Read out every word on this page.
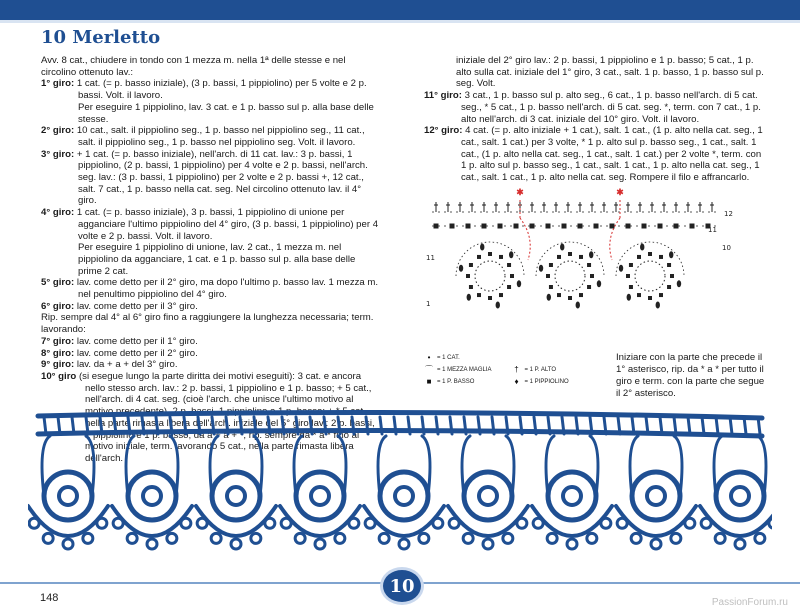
10 Merletto

Avv. 8 cat., chiudere in tondo con 1 mezza m. nella 1ª delle stesse e nel circolino ottenuto lav.:

1° giro: 1 cat. (= p. basso iniziale), (3 p. bassi, 1 pippiolino) per 5 volte e 2 p. bassi. Volt. il lavoro.

Per eseguire 1 pippiolino, lav. 3 cat. e 1 p. basso sul p. alla base delle stesse.

2° giro: 10 cat., salt. il pippiolino seg., 1 p. basso nel pippiolino seg., 11 cat., salt. il pippiolino seg., 1 p. basso nel pippiolino seg. Volt. il lavoro.

3° giro: + 1 cat. (= p. basso iniziale), nell'arch. di 11 cat. lav.: 3 p. bassi, 1 pippiolino, (2 p. bassi, 1 pippiolino) per 4 volte e 2 p. bassi, nell'arch. seg. lav.: (3 p. bassi, 1 pippiolino) per 2 volte e 2 p. bassi +, 12 cat., salt. 7 cat., 1 p. basso nella cat. seg. Nel circolino ottenuto lav. il 4° giro.

4° giro: 1 cat. (= p. basso iniziale), 3 p. bassi, 1 pippiolino di unione per agganciare l'ultimo pippiolino del 4° giro, (3 p. bassi, 1 pippiolino) per 4 volte e 2 p. bassi. Volt. il lavoro.

Per eseguire 1 pippiolino di unione, lav. 2 cat., 1 mezza m. nel pippiolino da agganciare, 1 cat. e 1 p. basso sul p. alla base delle prime 2 cat.

5° giro: lav. come detto per il 2° giro, ma dopo l'ultimo p. basso lav. 1 mezza m. nel penultimo pippiolino del 4° giro.

6° giro: lav. come detto per il 3° giro.

Rip. sempre dal 4° al 6° giro fino a raggiungere la lunghezza necessaria; term. lavorando:

7° giro: lav. come detto per il 1° giro.

8° giro: lav. come detto per il 2° giro.

9° giro: lav. da + a + del 3° giro.

10° giro (si esegue lungo la parte diritta dei motivi eseguiti): 3 cat. e ancora nello stesso arch. lav.: 2 p. bassi, 1 pippiolino e 1 p. basso; + 5 cat., nell'arch. di 4 cat. seg. (cioè l'arch. che unisce l'ultimo motivo al motivo precedente), 2 p. bassi, 1 pippiolino e 1 p. basso; + * 5 cat., nella parte rimasta libera dell'arch. iniziale del 5° giro lav.: 2 p. bassi, 1 pippiolino e 1 p. basso; da a + a + *, rip. sempre da * a * fino al motivo iniziale, term. lavorando 5 cat., nella parte rimasta libera dell'arch.

iniziale del 2° giro lav.: 2 p. bassi, 1 pippiolino e 1 p. basso; 5 cat., 1 p. alto sulla cat. iniziale del 1° giro, 3 cat., salt. 1 p. basso, 1 p. basso sul p. seg. Volt.

11° giro: 3 cat., 1 p. basso sul p. alto seg., 6 cat., 1 p. basso nell'arch. di 5 cat. seg., * 5 cat., 1 p. basso nell'arch. di 5 cat. seg. *, term. con 7 cat., 1 p. alto nell'arch. di 3 cat. iniziale del 10° giro. Volt. il lavoro.

12° giro: 4 cat. (= p. alto iniziale + 1 cat.), salt. 1 cat., (1 p. alto nella cat. seg., 1 cat., salt. 1 cat.) per 3 volte, * 1 p. alto sul p. basso seg., 1 cat., salt. 1 cat., (1 p. alto nella cat. seg., 1 cat., salt. 1 cat.) per 2 volte *, term. con 1 p. alto sul p. basso seg., 1 cat., salt. 1 cat., 1 p. alto nella cat. seg., 1 cat., salt. 1 cat., 1 p. alto nella cat. seg. Rompere il filo e affrancarlo.

*	*
12
11
10
11
1
•	= 1 CAT.
⌒ = 1 MEZZA MAGLIA	† = 1 P. ALTO
■ = 1 P. BASSO	♦ = 1 PIPPIOLINO
Iniziare con la parte che precede il 1° asterisco, rip. da * a * per tutto il giro e term. con la parte che segue il 2° asterisco.
148
10
PassionForum.ru
